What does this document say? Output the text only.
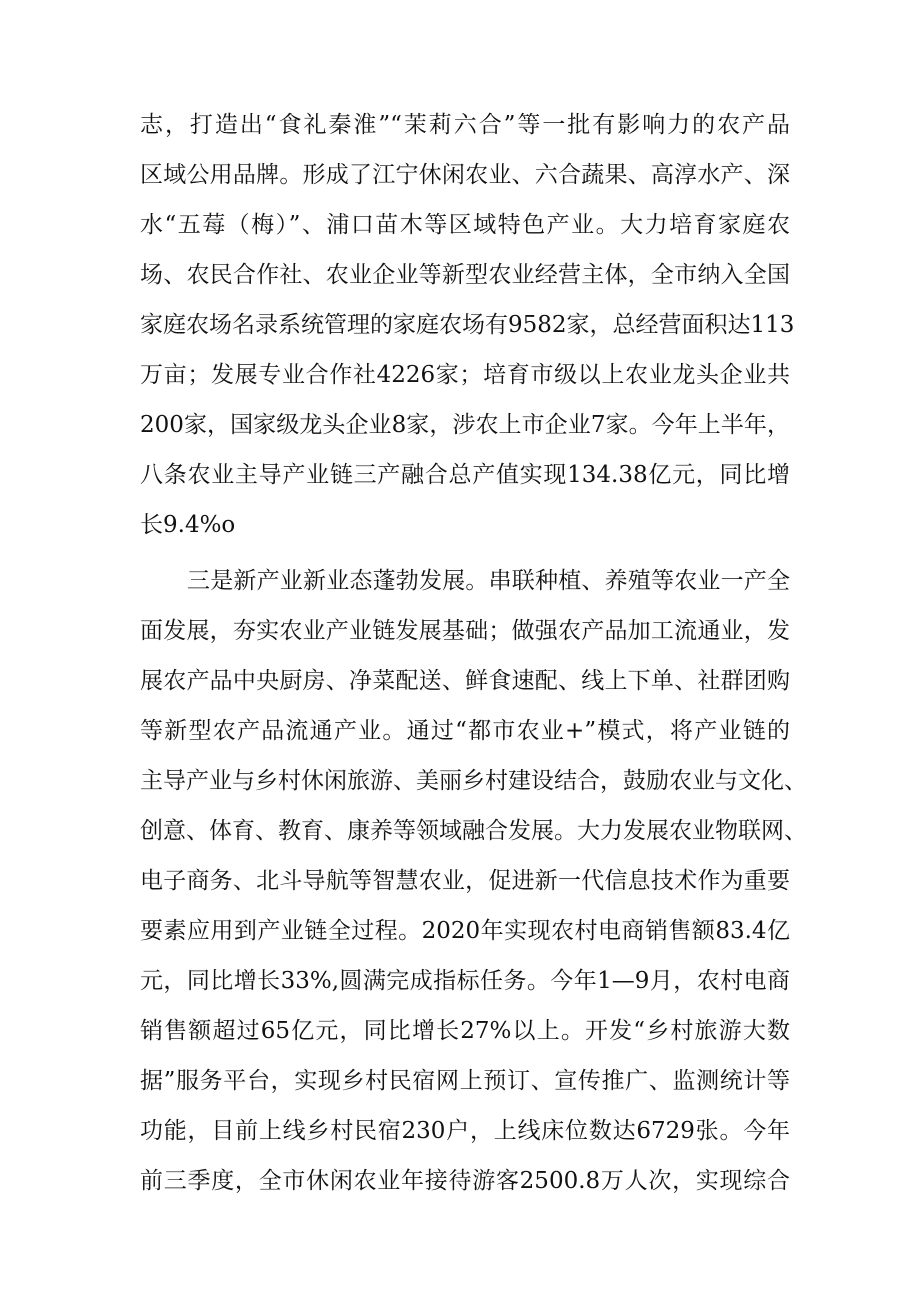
志，打造出“食礼秦淮”“茉莉六合”等一批有影响力的农产品
区域公用品牌。形成了江宁休闲农业、六合蔬果、高淳水产、深
水“五莓（梅）”、浦口苗木等区域特色产业。大力培育家庭农
场、农民合作社、农业企业等新型农业经营主体，全市纳入全国
家庭农场名录系统管理的家庭农场有9582家，总经营面积达113
万亩；发展专业合作社4226家；培育市级以上农业龙头企业共
200家，国家级龙头企业8家，涉农上市企业7家。今年上半年，
八条农业主导产业链三产融合总产值实现134.38亿元，同比增
长9.4%o
三是新产业新业态蓬勃发展。串联种植、养殖等农业一产全
面发展，夯实农业产业链发展基础；做强农产品加工流通业，发
展农产品中央厨房、净菜配送、鲜食速配、线上下单、社群团购
等新型农产品流通产业。通过“都市农业+”模式，将产业链的
主导产业与乡村休闲旅游、美丽乡村建设结合，鼓励农业与文化、
创意、体育、教育、康养等领域融合发展。大力发展农业物联网、
电子商务、北斗导航等智慧农业，促进新一代信息技术作为重要
要素应用到产业链全过程。2020年实现农村电商销售额83.4亿
元，同比增长33%,圆满完成指标任务。今年1—9月，农村电商
销售额超过65亿元，同比增长27%以上。开发“乡村旅游大数
据”服务平台，实现乡村民宿网上预订、宣传推广、监测统计等
功能，目前上线乡村民宿230户，上线床位数达6729张。今年
前三季度，全市休闲农业年接待游客2500.8万人次，实现综合
